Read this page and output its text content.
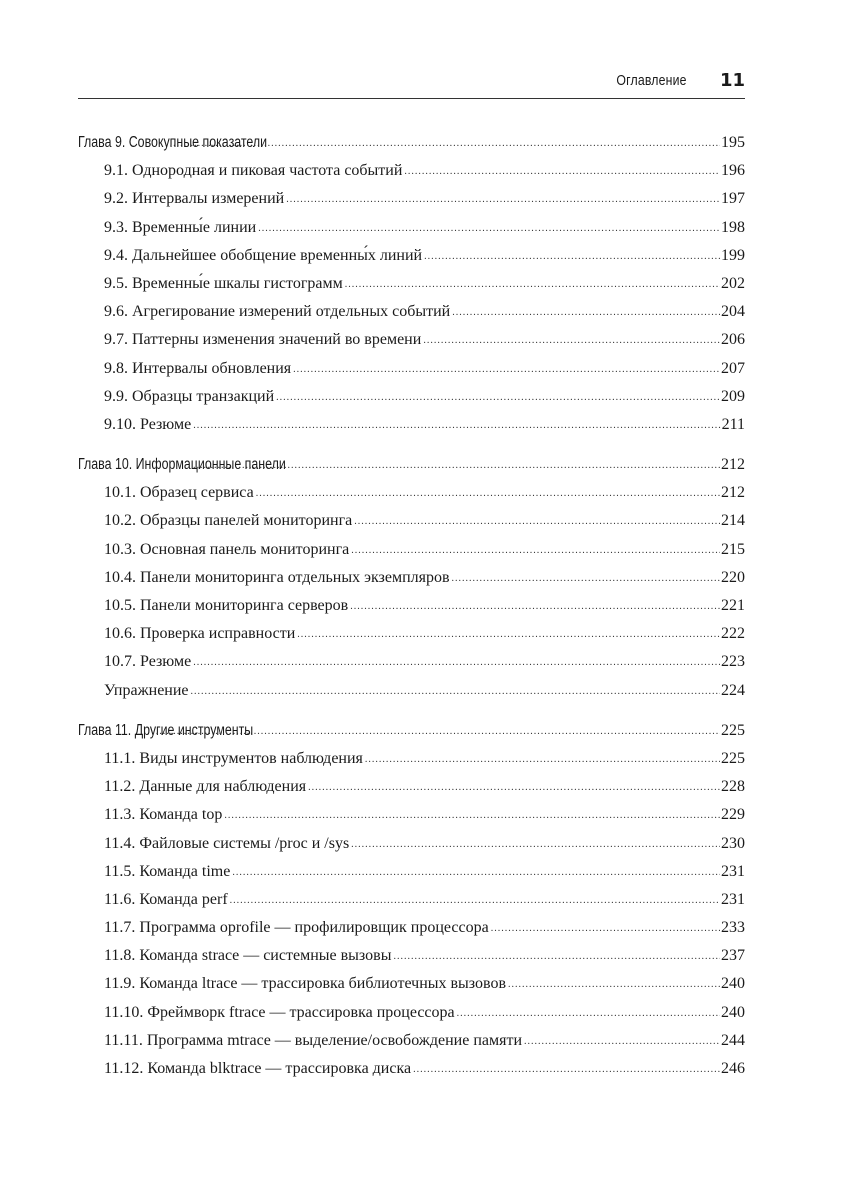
Оглавление 11
Глава 9. Совокупные показатели .....	195
9.1. Однородная и пиковая частота событий .....	196
9.2. Интервалы измерений .....	197
9.3. Временны́е линии .....	198
9.4. Дальнейшее обобщение временны́х линий .....	199
9.5. Временны́е шкалы гистограмм .....	202
9.6. Агрегирование измерений отдельных событий .....	204
9.7. Паттерны изменения значений во времени .....	206
9.8. Интервалы обновления .....	207
9.9. Образцы транзакций .....	209
9.10. Резюме .....	211
Глава 10. Информационные панели .....	212
10.1. Образец сервиса .....	212
10.2. Образцы панелей мониторинга .....	214
10.3. Основная панель мониторинга .....	215
10.4. Панели мониторинга отдельных экземпляров .....	220
10.5. Панели мониторинга серверов .....	221
10.6. Проверка исправности .....	222
10.7. Резюме .....	223
Упражнение .....	224
Глава 11. Другие инструменты .....	225
11.1. Виды инструментов наблюдения .....	225
11.2. Данные для наблюдения .....	228
11.3. Команда top .....	229
11.4. Файловые системы /proc и /sys .....	230
11.5. Команда time .....	231
11.6. Команда perf .....	231
11.7. Программа oprofile — профилировщик процессора .....	233
11.8. Команда strace — системные вызовы .....	237
11.9. Команда ltrace — трассировка библиотечных вызовов .....	240
11.10. Фреймворк ftrace — трассировка процессора .....	240
11.11. Программа mtrace — выделение/освобождение памяти .....	244
11.12. Команда blktrace — трассировка диска .....	246
